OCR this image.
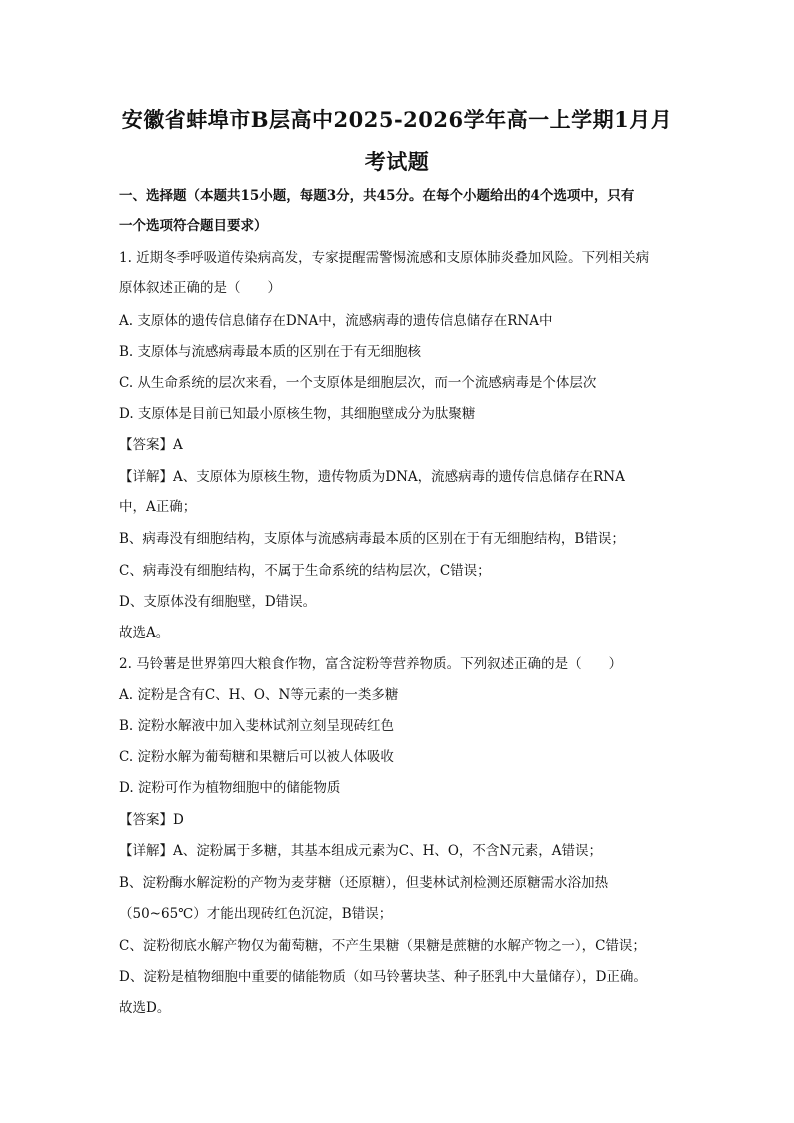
安徽省蚌埠市B层高中2025-2026学年高一上学期1月月
考试题
一、选择题（本题共15小题，每题3分，共45分。在每个小题给出的4个选项中，只有
一个选项符合题目要求）
1. 近期冬季呼吸道传染病高发，专家提醒需警惕流感和支原体肺炎叠加风险。下列相关病
原体叙述正确的是（　　）
A. 支原体的遗传信息储存在DNA中，流感病毒的遗传信息储存在RNA中
B. 支原体与流感病毒最本质的区别在于有无细胞核
C. 从生命系统的层次来看，一个支原体是细胞层次，而一个流感病毒是个体层次
D. 支原体是目前已知最小原核生物，其细胞壁成分为肽聚糖
【答案】A
【详解】A、支原体为原核生物，遗传物质为DNA，流感病毒的遗传信息储存在RNA
中，A正确；
B、病毒没有细胞结构，支原体与流感病毒最本质的区别在于有无细胞结构，B错误；
C、病毒没有细胞结构，不属于生命系统的结构层次，C错误；
D、支原体没有细胞壁，D错误。
故选A。
2. 马铃薯是世界第四大粮食作物，富含淀粉等营养物质。下列叙述正确的是（　　）
A. 淀粉是含有C、H、O、N等元素的一类多糖
B. 淀粉水解液中加入斐林试剂立刻呈现砖红色
C. 淀粉水解为葡萄糖和果糖后可以被人体吸收
D. 淀粉可作为植物细胞中的储能物质
【答案】D
【详解】A、淀粉属于多糖，其基本组成元素为C、H、O，不含N元素，A错误；
B、淀粉酶水解淀粉的产物为麦芽糖（还原糖），但斐林试剂检测还原糖需水浴加热
（50~65℃）才能出现砖红色沉淀，B错误；
C、淀粉彻底水解产物仅为葡萄糖，不产生果糖（果糖是蔗糖的水解产物之一），C错误；
D、淀粉是植物细胞中重要的储能物质（如马铃薯块茎、种子胚乳中大量储存），D正确。
故选D。
